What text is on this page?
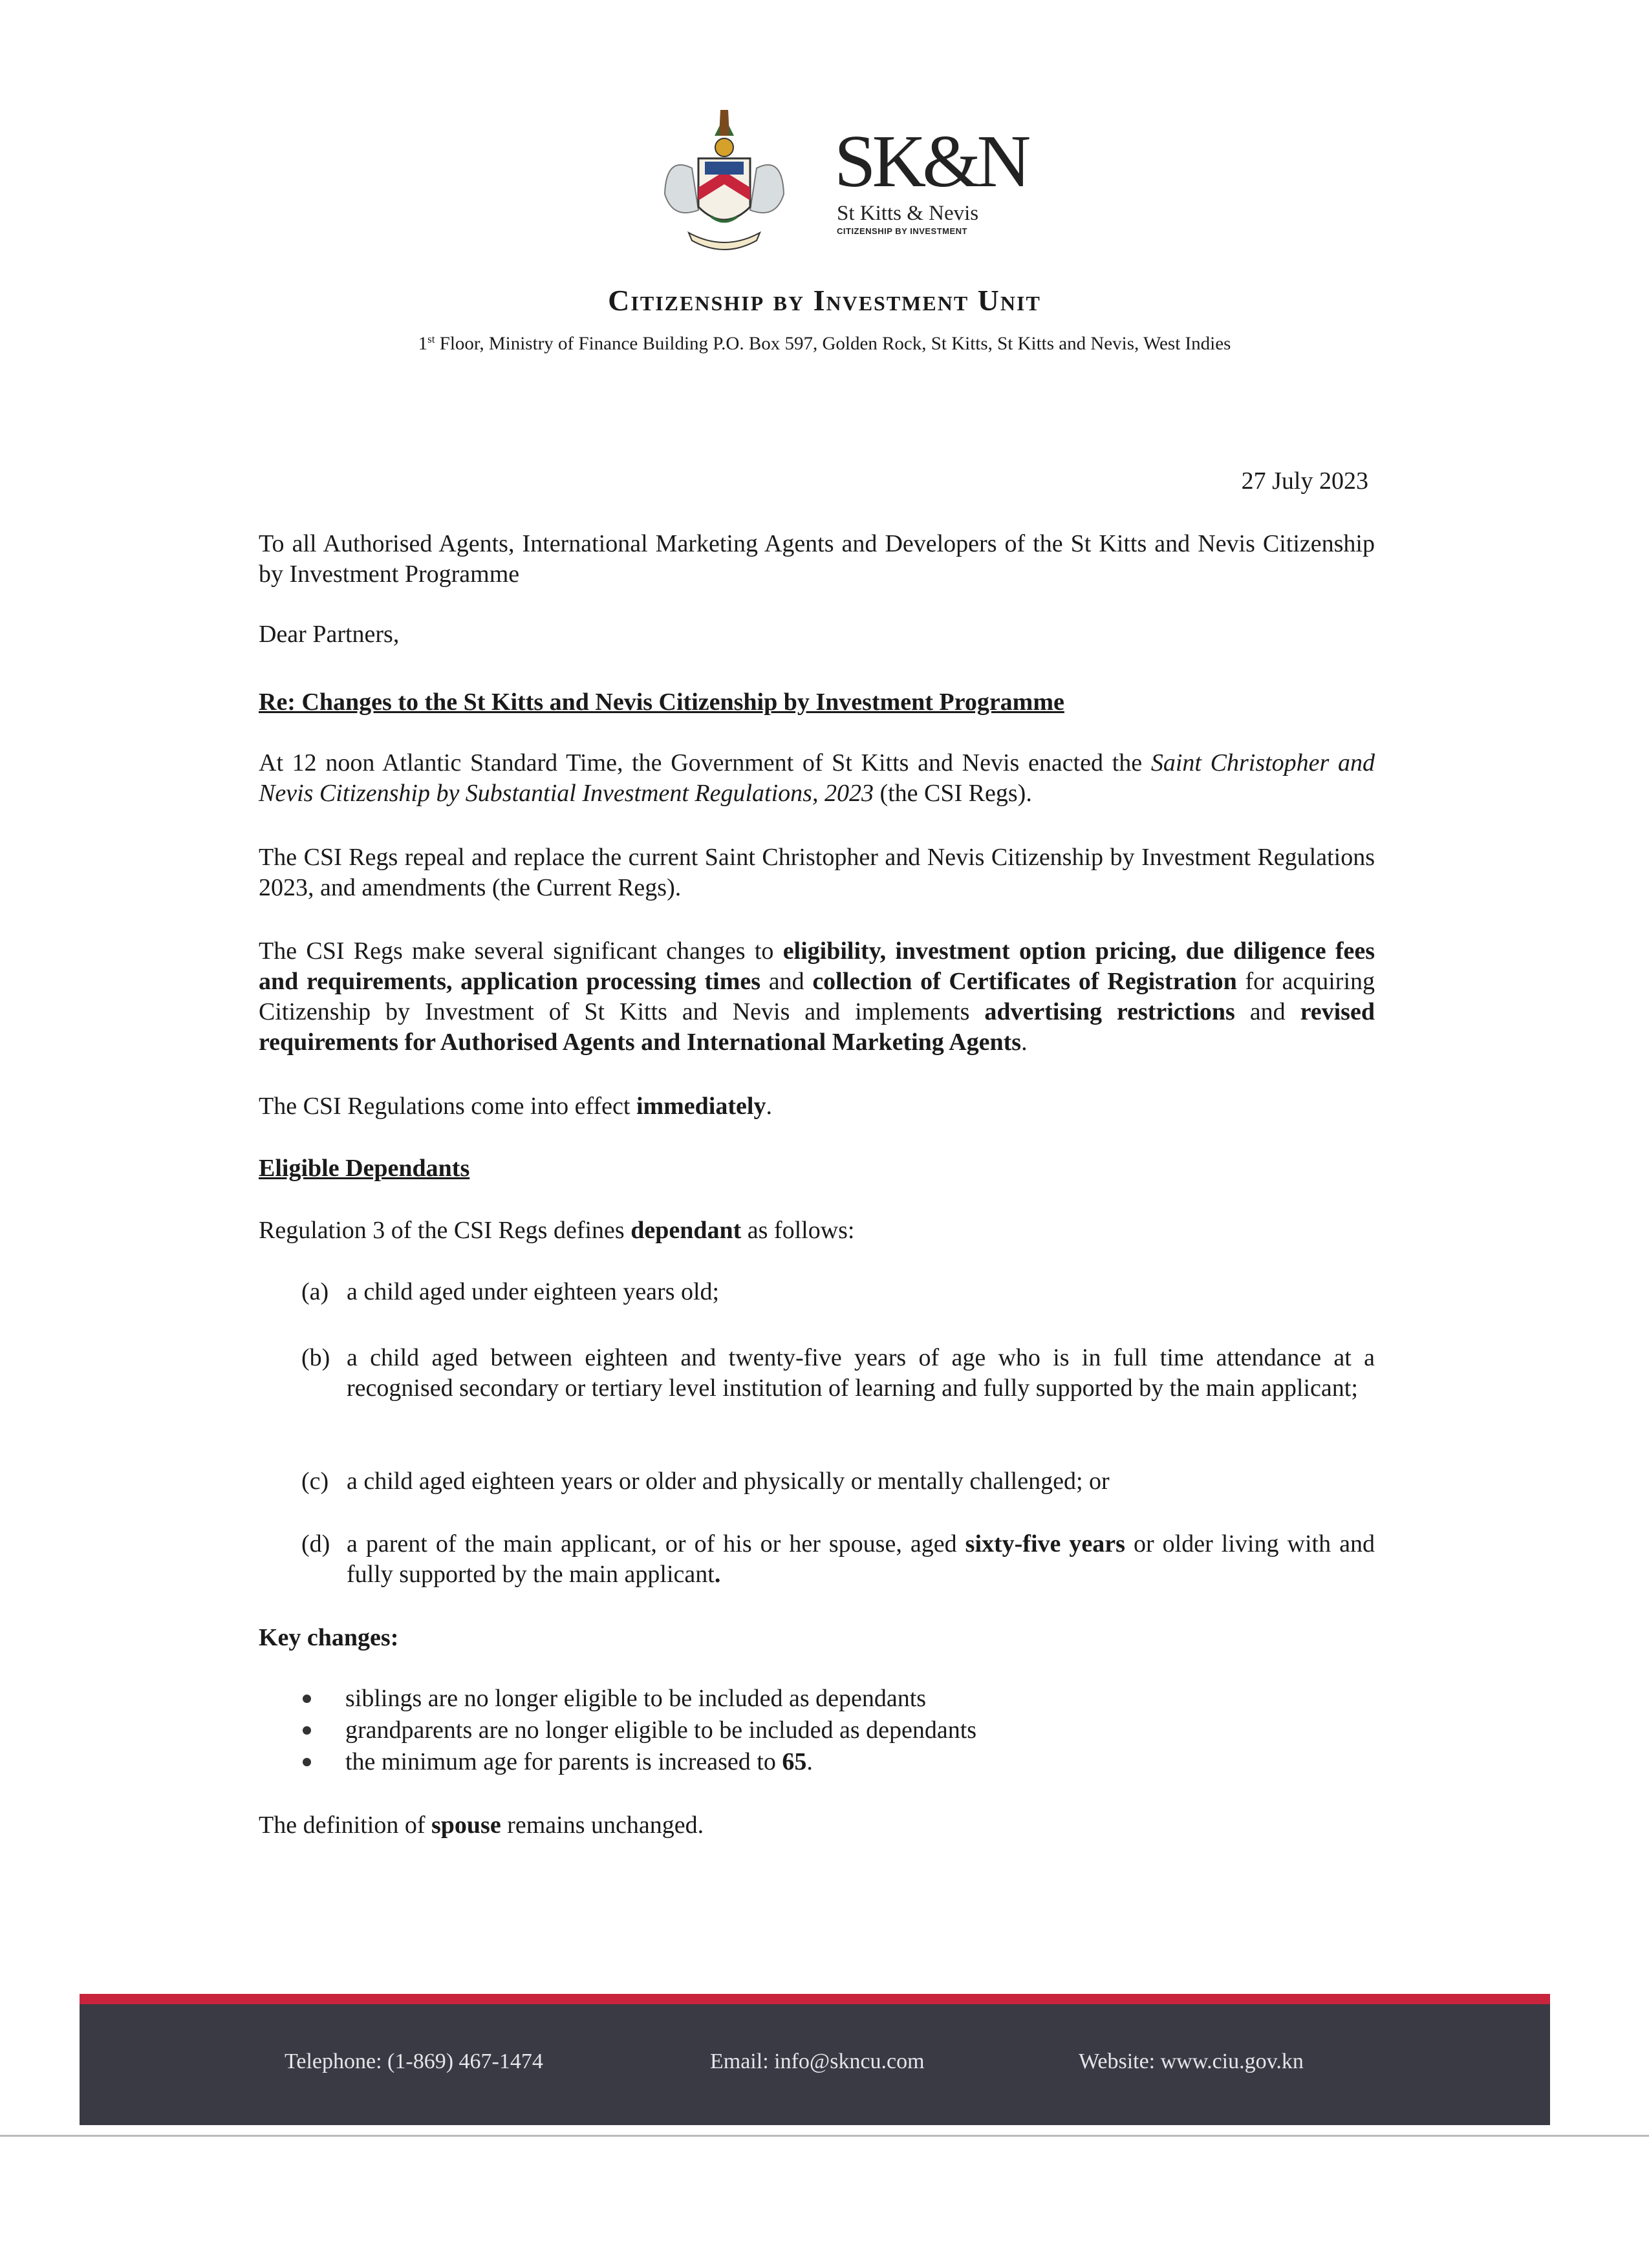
SK&N
St Kitts & Nevis
CITIZENSHIP BY INVESTMENT
Citizenship by Investment Unit
1st Floor, Ministry of Finance Building P.O. Box 597, Golden Rock, St Kitts, St Kitts and Nevis, West Indies
27 July 2023
To all Authorised Agents, International Marketing Agents and Developers of the St Kitts and Nevis Citizenship by Investment Programme
Dear Partners,
Re: Changes to the St Kitts and Nevis Citizenship by Investment Programme
At 12 noon Atlantic Standard Time, the Government of St Kitts and Nevis enacted the Saint Christopher and Nevis Citizenship by Substantial Investment Regulations, 2023 (the CSI Regs).
The CSI Regs repeal and replace the current Saint Christopher and Nevis Citizenship by Investment Regulations 2023, and amendments (the Current Regs).
The CSI Regs make several significant changes to eligibility, investment option pricing, due diligence fees and requirements, application processing times and collection of Certificates of Registration for acquiring Citizenship by Investment of St Kitts and Nevis and implements advertising restrictions and revised requirements for Authorised Agents and International Marketing Agents.
The CSI Regulations come into effect immediately.
Eligible Dependants
Regulation 3 of the CSI Regs defines dependant as follows:
(a) a child aged under eighteen years old;
(b) a child aged between eighteen and twenty-five years of age who is in full time attendance at a recognised secondary or tertiary level institution of learning and fully supported by the main applicant;
(c) a child aged eighteen years or older and physically or mentally challenged; or
(d) a parent of the main applicant, or of his or her spouse, aged sixty-five years or older living with and fully supported by the main applicant.
Key changes:
siblings are no longer eligible to be included as dependants
grandparents are no longer eligible to be included as dependants
the minimum age for parents is increased to 65.
The definition of spouse remains unchanged.
Telephone: (1-869) 467-1474	Email: info@skncu.com	Website: www.ciu.gov.kn
